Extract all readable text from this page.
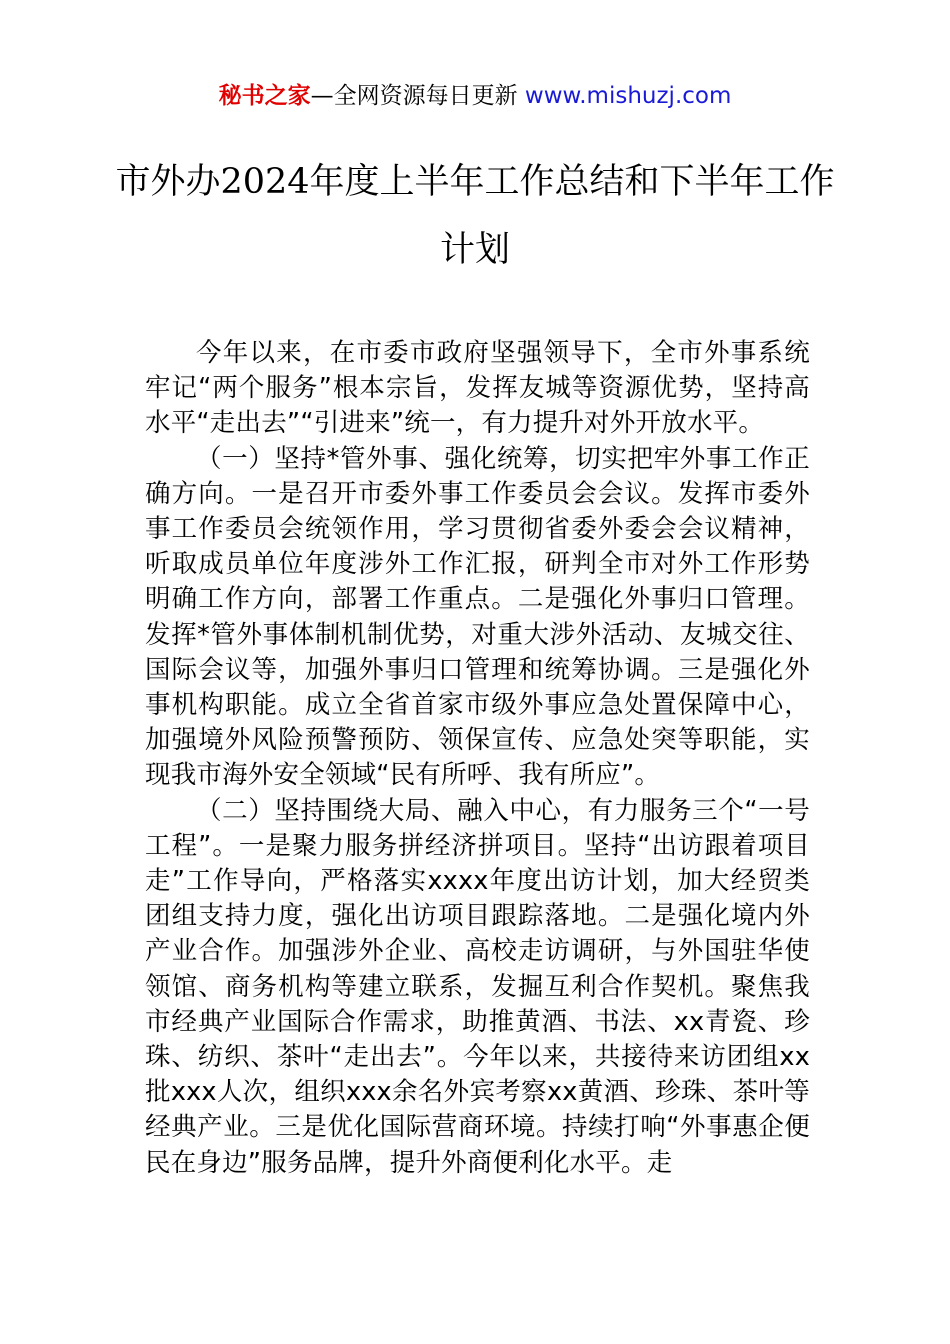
秘书之家—全网资源每日更新 www.mishuzj.com
市外办2024年度上半年工作总结和下半年工作计划

今年以来，在市委市政府坚强领导下，全市外事系统牢记“两个服务”根本宗旨，发挥友城等资源优势，坚持高水平“走出去”“引进来”统一，有力提升对外开放水平。

（一）坚持*管外事、强化统筹，切实把牢外事工作正确方向。一是召开市委外事工作委员会会议。发挥市委外事工作委员会统领作用，学习贯彻省委外委会会议精神，听取成员单位年度涉外工作汇报，研判全市对外工作形势明确工作方向，部署工作重点。二是强化外事归口管理。发挥*管外事体制机制优势，对重大涉外活动、友城交往、国际会议等，加强外事归口管理和统筹协调。三是强化外事机构职能。成立全省首家市级外事应急处置保障中心，加强境外风险预警预防、领保宣传、应急处突等职能，实现我市海外安全领域“民有所呼、我有所应”。

（二）坚持围绕大局、融入中心，有力服务三个“一号工程”。一是聚力服务拼经济拼项目。坚持“出访跟着项目走”工作导向，严格落实xxxx年度出访计划，加大经贸类团组支持力度，强化出访项目跟踪落地。二是强化境内外产业合作。加强涉外企业、高校走访调研，与外国驻华使领馆、商务机构等建立联系，发掘互利合作契机。聚焦我市经典产业国际合作需求，助推黄酒、书法、xx青瓷、珍珠、纺织、茶叶“走出去”。今年以来，共接待来访团组xx批xxx人次，组织xxx余名外宾考察xx黄酒、珍珠、茶叶等经典产业。三是优化国际营商环境。持续打响“外事惠企便民在身边”服务品牌，提升外商便利化水平。走
